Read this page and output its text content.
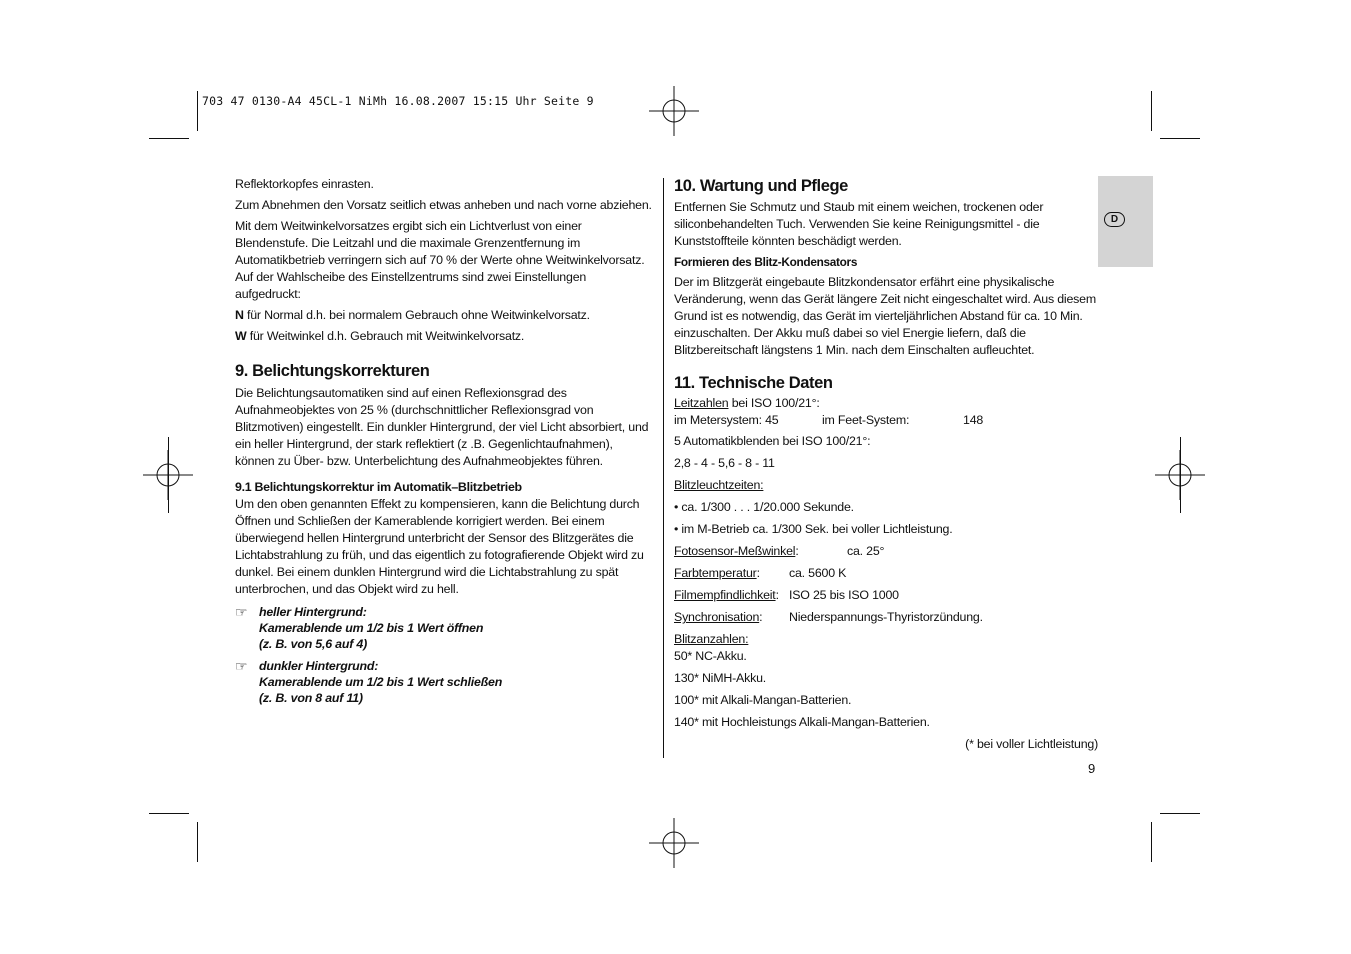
703 47 0130-A4 45CL-1 NiMh 16.08.2007 15:15 Uhr Seite 9
D

Reflektorkopfes einrasten.

Zum Abnehmen den Vorsatz seitlich etwas anheben und nach vorne abziehen.

Mit dem Weitwinkelvorsatzes ergibt sich ein Lichtverlust von einer Blendenstufe. Die Leitzahl und die maximale Grenzentfernung im Automatikbetrieb verringern sich auf 70 % der Werte ohne Weitwinkelvorsatz. Auf der Wahlscheibe des Einstellzentrums sind zwei Einstellungen aufgedruckt:

N für Normal d.h. bei normalem Gebrauch ohne Weitwinkelvorsatz.

W für Weitwinkel d.h. Gebrauch mit Weitwinkelvorsatz.

9. Belichtungskorrekturen

Die Belichtungsautomatiken sind auf einen Reflexionsgrad des Aufnahmeobjektes von 25 % (durchschnittlicher Reflexionsgrad von Blitzmotiven) eingestellt. Ein dunkler Hintergrund, der viel Licht absorbiert, und ein heller Hintergrund, der stark reflektiert (z .B. Gegenlichtaufnahmen), können zu Über- bzw. Unterbelichtung des Aufnahmeobjektes führen.

9.1 Belichtungskorrektur im Automatik–Blitzbetrieb

Um den oben genannten Effekt zu kompensieren, kann die Belichtung durch Öffnen und Schließen der Kamerablende korrigiert werden. Bei einem überwiegend hellen Hintergrund unterbricht der Sensor des Blitzgerätes die Lichtabstrahlung zu früh, und das eigentlich zu fotografierende Objekt wird zu dunkel. Bei einem dunklen Hintergrund wird die Lichtabstrahlung zu spät unterbrochen, und das Objekt wird zu hell.

☞ heller Hintergrund:
Kamerablende um 1/2 bis 1 Wert öffnen
(z. B. von 5,6 auf 4)
☞ dunkler Hintergrund:
Kamerablende um 1/2 bis 1 Wert schließen
(z. B. von 8 auf 11)
10. Wartung und Pflege

Entfernen Sie Schmutz und Staub mit einem weichen, trockenen oder siliconbehandelten Tuch. Verwenden Sie keine Reinigungsmittel - die Kunststoffteile könnten beschädigt werden.

Formieren des Blitz-Kondensators

Der im Blitzgerät eingebaute Blitzkondensator erfährt eine physikalische Veränderung, wenn das Gerät längere Zeit nicht eingeschaltet wird. Aus diesem Grund ist es notwendig, das Gerät im vierteljährlichen Abstand für ca. 10 Min. einzuschalten. Der Akku muß dabei so viel Energie liefern, daß die Blitzbereitschaft längstens 1 Min. nach dem Einschalten aufleuchtet.

11. Technische Daten

Leitzahlen bei ISO 100/21°:

im Metersystem: 45	im Feet-System:	148

5 Automatikblenden bei ISO 100/21°:

2,8 - 4 - 5,6 - 8 - 11

Blitzleuchtzeiten:

• ca. 1/300 . . . 1/20.000 Sekunde.

• im M-Betrieb ca. 1/300 Sek. bei voller Lichtleistung.

Fotosensor-Meßwinkel:	ca. 25°
Farbtemperatur:	ca. 5600 K
Filmempfindlichkeit: ISO 25 bis ISO 1000
Synchronisation:	Niederspannungs-Thyristorzündung.

Blitzanzahlen:

50* NC-Akku.

130* NiMH-Akku.

100* mit Alkali-Mangan-Batterien.

140* mit Hochleistungs Alkali-Mangan-Batterien.

(* bei voller Lichtleistung)

9
